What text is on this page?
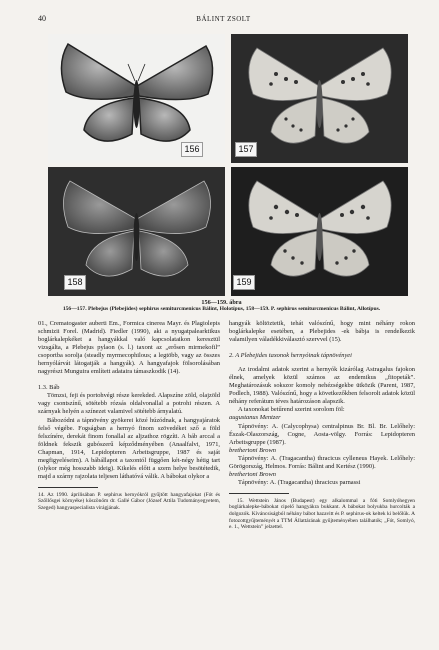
40	BÁLINT ZSOLT
156	157
158	159
156—159. ábra
156—157. Plebejus (Plebejides) sephirus semiturcmenicus Bálint, Holotípus, 158—159. P. sephirus semiturcmenicus Bálint, Allotípus.

01., Crematogaster auberti Em., Formica cinerea Mayr. és Plagiolepis schmizii Forel. (Madrid). Fiedler (1990), aki a nyugatpalearktikus boglárkalepkéket a hangyákkal való kapcsolataikon keresztül vizsgálta, a Plebejus pylaon (s. l.) taxont az „erősen mirmekofil” csoportba sorolja (steadly myrmecophilous; a legtöbb, vagy az összes hernyólárvát látogatják a hangyák). A hangyafajok fölsorolásában nagyrészt Munguira említett adataira támaszkodik (14).

1.3. Báb

Tömzsi, feji és portohvégi része kerekded. Alapszíne zöld, olajzöld vagy csontszínű, sötétebb rózsás oldalvonallal a potrohi részen. A szárnyak helyén a színezet valamivel sötétebb árnyalatú.

Bábozódni a tápnövény gyökerei közé húzódnak, a hangyajáratok felső végébe. Fogságban a hernyó finom szövedéket sző a föld felszínére, derekát finom fonallal az aljzathoz rögzíti. A báb arccal a földnek fekszik gubószerű képződményében (Anaalfalvi, 1971, Chapman, 1914, Lepidopteren Arbeitsgruppe, 1987 és saját megfigyeléseim). A bábállapot a taxontól függően két-négy hétig tart (olykor még hosszabb ideig). Kikelés előtt a szem helye besötétedik, majd a szárny rajzolata teljesen láthatóvá válik. A bábokat olykor a

14. Az 1990. áprilisában P. sephirus hernyókról gyűjtött hangyafajokat (Fót és Szőllősgei környéke) köszönöm dr. Gallé Gábor (József Attila Tudományegyetem, Szeged) hangyaspecialista virágjának.

hangyák költöztetik, tehát valószínű, hogy mint néhány rokon boglárkalepke esetében, a Plebejides -ek bábja is rendelkezik valamilyen váladékkiválasztó szervvel (15).

2. A Plebejides taxonok hernyóinak tápnövényei

Az irodalmi adatok szerint a hernyók kizárólag Astragalus fajokon élnek, amelyek közül számos az endemikus „fitopeták”. Meghatározásuk sokszor komoly nehézségekbe ütközik (Parent, 1987, Podlech, 1988). Valószínű, hogy a következőkben felsorolt adatok közül néhány referátum téves határozáson alapszik.

A taxonokat betűrend szerint sorolom föl:

augustanus Mentzer

Tápnövény: A. (Calycophysa) centralpinus Br. Bl. Br. Lelőhely: Észak-Olaszország, Cogne, Aosta-völgy. Forrás: Lepidopteren Arbeitsgruppe (1987).

brethertoni Brown

Tápnövény: A. (Tragacantha) thracicus cylleneus Hayek. Lelőhely: Görögország, Helmos. Forrás: Bálint and Kertész (1990).

brethertoni Brown

Tápnövény: A. (Tragacantha) thracicus parnassi

15. Wettstein János (Budapest) egy alkalommal a fóti Somlyóhegyen boglárkalepke-bábokat cipelő hangyákra bukkant. A bábokat bolyukba hurcolták a dolgozók. Kíváncsiságból néhány bábot hazavitt és P. sephirus-ok keltek ki belőlük. A fotozottgyűjteményét a TTM Állattárának gyűjteményében találhatók; „Fót, Somlyó, e. 1., Wettstein” jelzettel.
